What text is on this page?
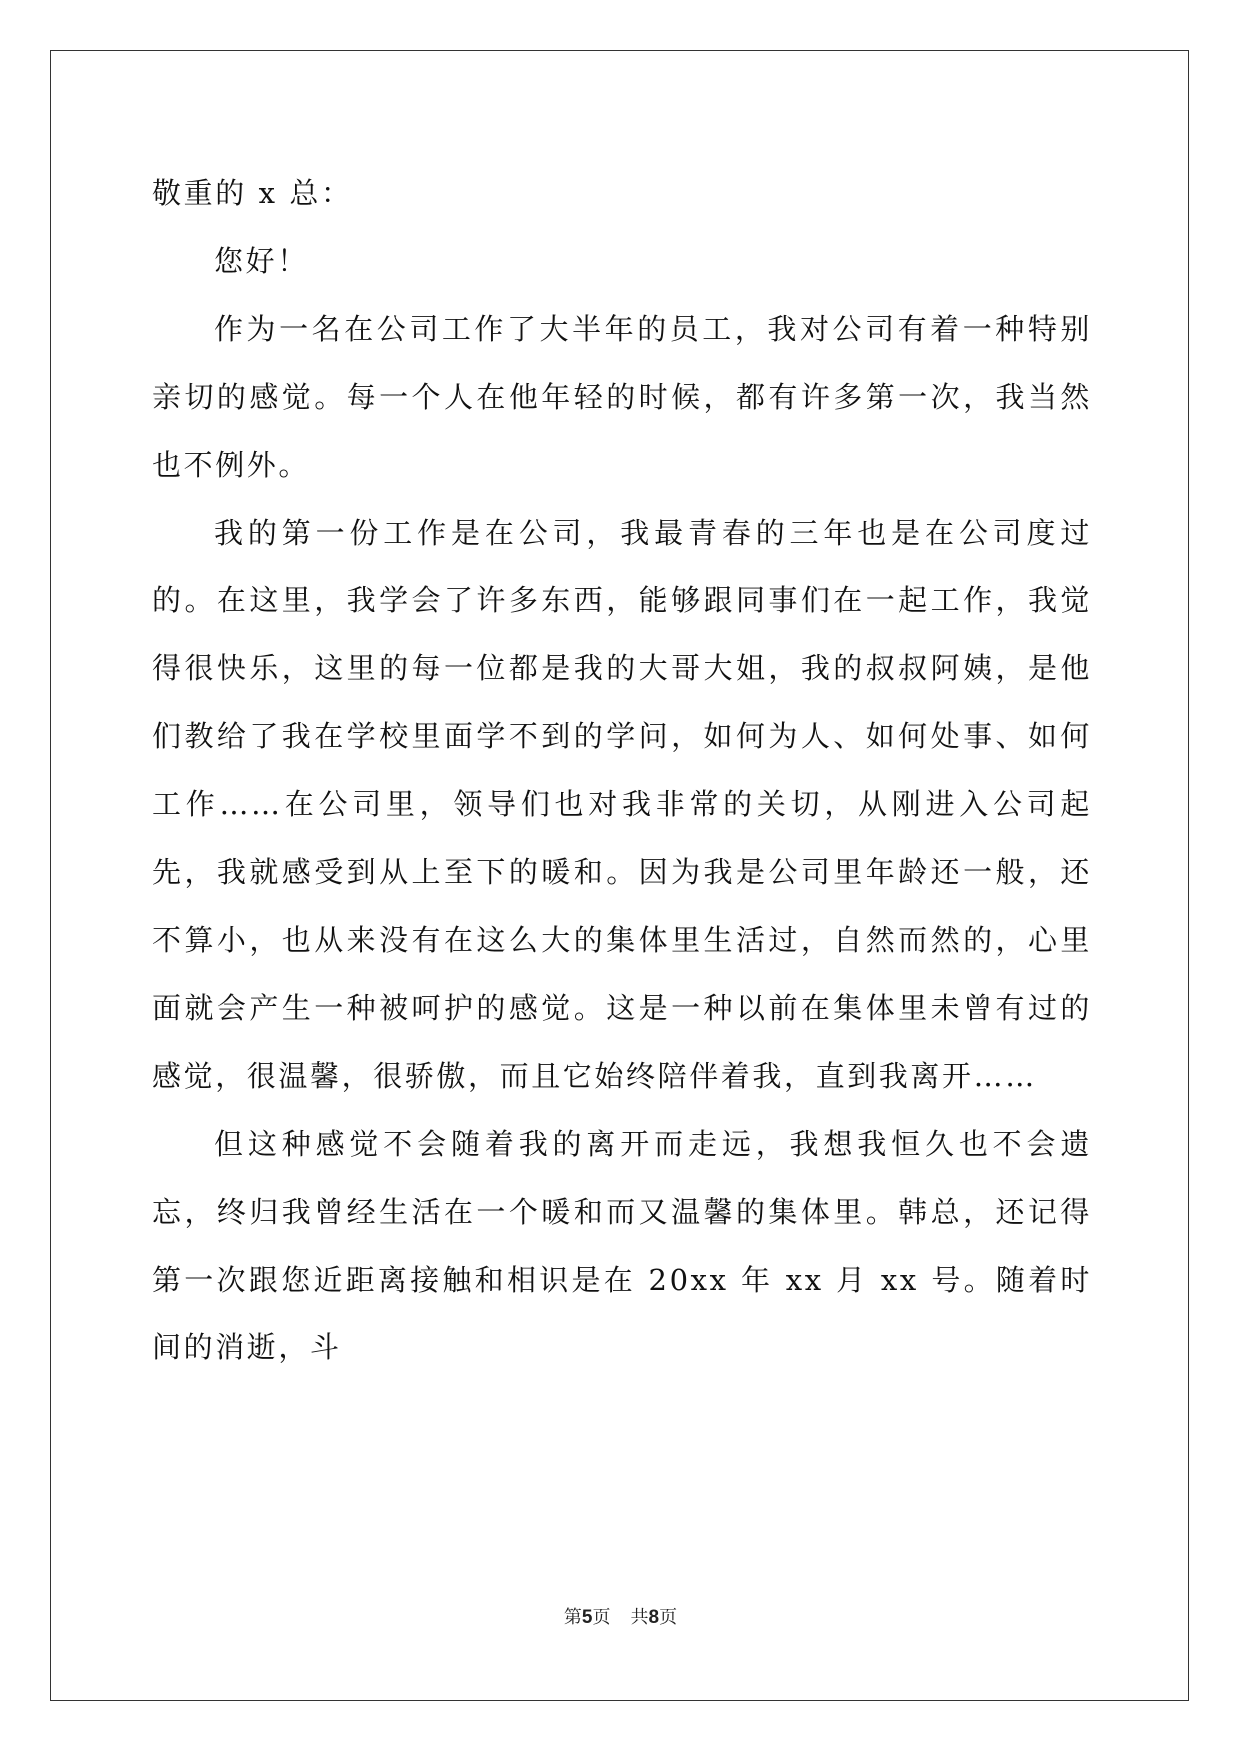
敬重的 x 总：

您好！

作为一名在公司工作了大半年的员工，我对公司有着一种特别亲切的感觉。每一个人在他年轻的时候，都有许多第一次，我当然也不例外。

我的第一份工作是在公司，我最青春的三年也是在公司度过的。在这里，我学会了许多东西，能够跟同事们在一起工作，我觉得很快乐，这里的每一位都是我的大哥大姐，我的叔叔阿姨，是他们教给了我在学校里面学不到的学问，如何为人、如何处事、如何工作……在公司里，领导们也对我非常的关切，从刚进入公司起先，我就感受到从上至下的暖和。因为我是公司里年龄还一般，还不算小，也从来没有在这么大的集体里生活过，自然而然的，心里面就会产生一种被呵护的感觉。这是一种以前在集体里未曾有过的感觉，很温馨，很骄傲，而且它始终陪伴着我，直到我离开……

但这种感觉不会随着我的离开而走远，我想我恒久也不会遗忘，终归我曾经生活在一个暖和而又温馨的集体里。韩总，还记得第一次跟您近距离接触和相识是在 20xx 年 xx 月 xx 号。随着时间的消逝，斗

第5页 共8页
